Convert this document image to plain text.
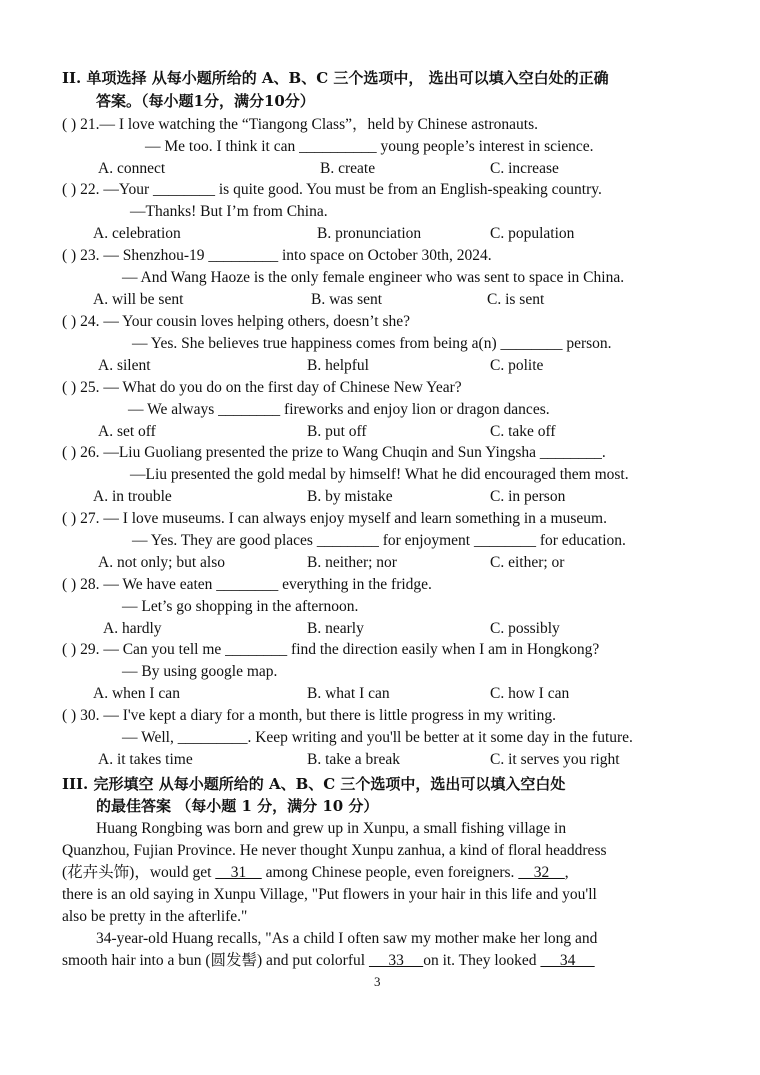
II. 单项选择 从每小题所给的 A、B、C 三个选项中， 选出可以填入空白处的正确
答案。（每小题1分，满分10分）
( ) 21.— I love watching the “Tiangong Class”，held by Chinese astronauts.
— Me too. I think it can __________ young people’s interest in science.
A. connect	B. create	C. increase
( ) 22. —Your ________ is quite good. You must be from an English-speaking country.
—Thanks! But I’m from China.
A. celebration	B. pronunciation	C. population
( ) 23. — Shenzhou-19 _________ into space on October 30th, 2024.
— And Wang Haoze is the only female engineer who was sent to space in China.
A. will be sent	B. was sent	C. is sent
( ) 24. — Your cousin loves helping others, doesn’t she?
— Yes. She believes true happiness comes from being a(n) ________ person.
A. silent	B. helpful	C. polite
( ) 25. — What do you do on the first day of Chinese New Year?
— We always ________ fireworks and enjoy lion or dragon dances.
A. set off	B. put off	C. take off
( ) 26. —Liu Guoliang presented the prize to Wang Chuqin and Sun Yingsha ________.
—Liu presented the gold medal by himself! What he did encouraged them most.
A. in trouble	B. by mistake	C. in person
( ) 27. — I love museums. I can always enjoy myself and learn something in a museum.
— Yes. They are good places ________ for enjoyment ________ for education.
A. not only; but also	B. neither; nor	C. either; or
( ) 28. — We have eaten ________ everything in the fridge.
— Let’s go shopping in the afternoon.
A. hardly	B. nearly	C. possibly
( ) 29. — Can you tell me ________ find the direction easily when I am in Hongkong?
— By using google map.
A. when I can	B. what I can	C. how I can
( ) 30. — I've kept a diary for a month, but there is little progress in my writing.
— Well, _________. Keep writing and you'll be better at it some day in the future.
A. it takes time	B. take a break	C. it serves you right
III. 完形填空 从每小题所给的 A、B、C 三个选项中，选出可以填入空白处
的最佳答案 （每小题 1 分，满分 10 分）
Huang Rongbing was born and grew up in Xunpu, a small fishing village in
Quanzhou, Fujian Province. He never thought Xunpu zanhua, a kind of floral headdress
(花卉头饰)，would get     31     among Chinese people, even foreigners.     32    ,
there is an old saying in Xunpu Village, "Put flowers in your hair in this life and you'll
also be pretty in the afterlife."
34-year-old Huang recalls, "As a child I often saw my mother make her long and
smooth hair into a bun (圆发髻) and put colorful      33     on it. They looked      34
3
